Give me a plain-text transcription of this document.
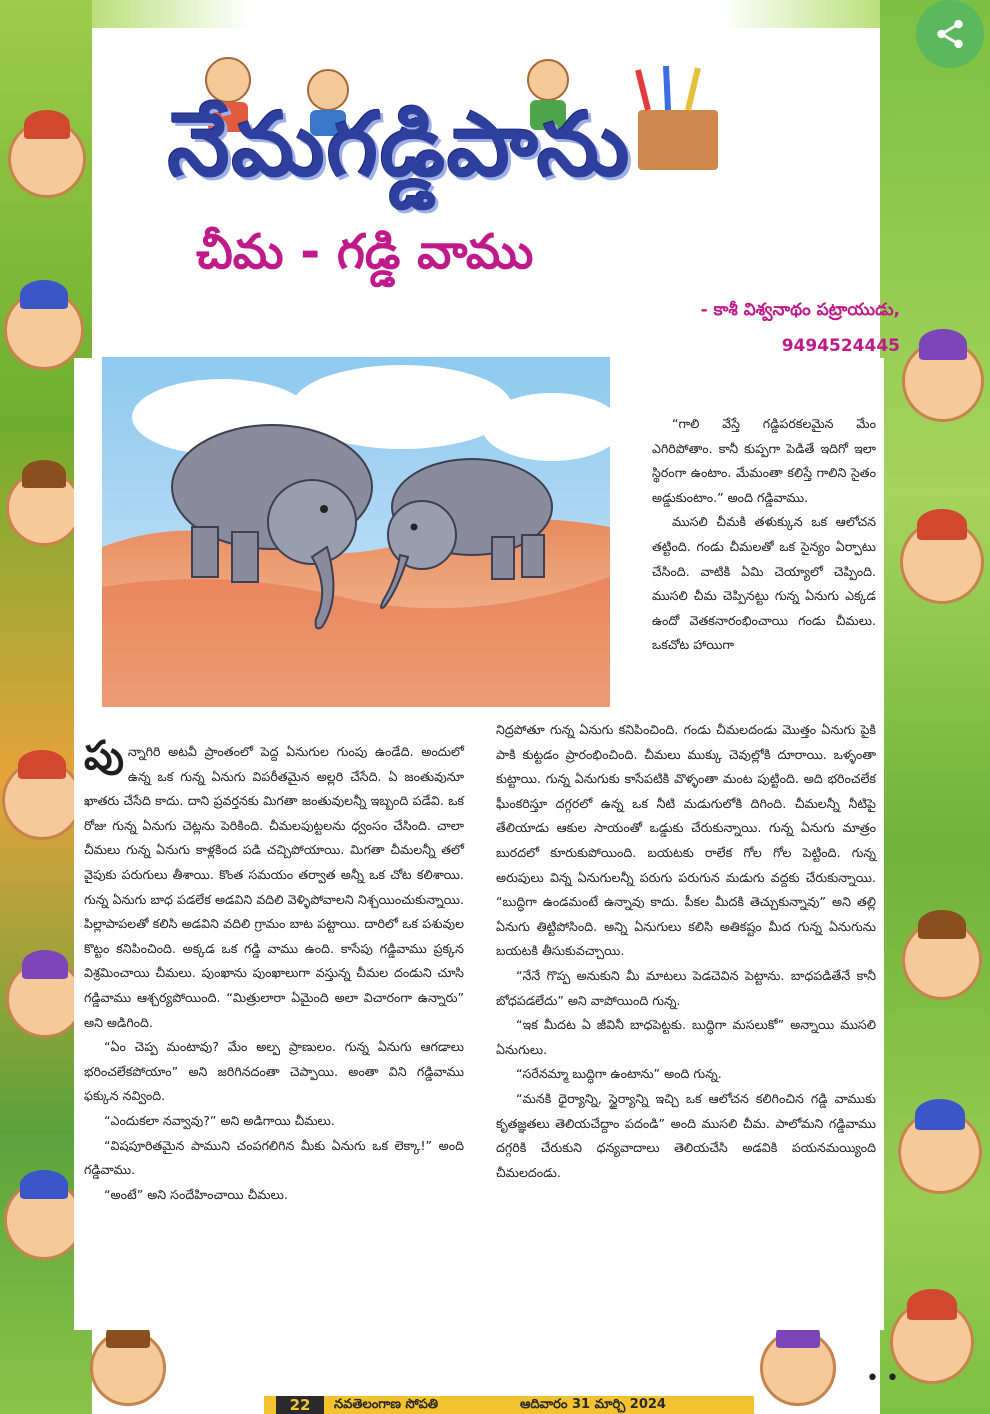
నేమగడ్డిపాను
చీమ - గడ్డి వాము
- కాశీ విశ్వనాథం పట్రాయుడు,
9494524445

“గాలి వేస్తే గడ్డిపరకలమైన మేం ఎగిరిపోతాం. కానీ కుప్పగా పెడితే ఇదిగో ఇలా స్థిరంగా ఉంటాం. మేమంతా కలిస్తే గాలిని సైతం అడ్డుకుంటాం.” అంది గడ్డివాము.

ముసలి చీమకి తళుక్కున ఒక ఆలోచన తట్టింది. గండు చీమలతో ఒక సైన్యం ఏర్పాటు చేసింది. వాటికి ఏమి చెయ్యాలో చెప్పింది. ముసలి చీమ చెప్పినట్టు గున్న ఏనుగు ఎక్కడ ఉందో వెతకనారంభించాయి గండు చీమలు. ఒకచోట హాయిగా

పున్నాగిరి అటవీ ప్రాంతంలో పెద్ద ఏనుగుల గుంపు ఉండేది. అందులో ఉన్న ఒక గున్న ఏనుగు విపరీతమైన అల్లరి చేసేది. ఏ జంతువునూ ఖాతరు చేసేది కాదు. దాని ప్రవర్తనకు మిగతా జంతువులన్నీ ఇబ్బంది పడేవి. ఒక రోజు గున్న ఏనుగు చెట్లను పెరికింది. చీమలపుట్టలను ధ్వంసం చేసింది. చాలా చీమలు గున్న ఏనుగు కాళ్లకింద పడి చచ్చిపోయాయి. మిగతా చీమలన్నీ తలో వైపుకు పరుగులు తీశాయి. కొంత సమయం తర్వాత అన్నీ ఒక చోట కలిశాయి. గున్న ఏనుగు బాధ పడలేక అడవిని వదిలి వెళ్ళిపోవాలని నిశ్చయించుకున్నాయి. పిల్లాపాపలతో కలిసి అడవిని వదిలి గ్రామం బాట పట్టాయి. దారిలో ఒక పశువుల కొట్టం కనిపించింది. అక్కడ ఒక గడ్డి వాము ఉంది. కాసేపు గడ్డివాము ప్రక్కన విశ్రమించాయి చీమలు. పుంఖాను పుంఖాలుగా వస్తున్న చీమల దండుని చూసి గడ్డివాము ఆశ్చర్యపోయింది. “మిత్రులారా ఏమైంది అలా విచారంగా ఉన్నారు” అని అడిగింది.

“ఏం చెప్ప మంటావు? మేం అల్ప ప్రాణులం. గున్న ఏనుగు ఆగడాలు భరించలేకపోయాం” అని జరిగినదంతా చెప్పాయి. అంతా విని గడ్డివాము ఫక్కున నవ్వింది.

“ఎందుకలా నవ్వావు?” అని అడిగాయి చీమలు.

“విషపూరితమైన పాముని చంపగలిగిన మీకు ఏనుగు ఒక లెక్కా!” అంది గడ్డివాము.

“అంటే” అని సందేహించాయి చీమలు.

నిద్రపోతూ గున్న ఏనుగు కనిపించింది. గండు చీమలదండు మొత్తం ఏనుగు పైకి పాకి కుట్టడం ప్రారంభించింది. చీమలు ముక్కు చెవుల్లోకి దూరాయి. ఒళ్ళంతా కుట్టాయి. గున్న ఏనుగుకు కాసేపటికి వొళ్ళంతా మంట పుట్టింది. అది భరించలేక ఘీంకరిస్తూ దగ్గరలో ఉన్న ఒక నీటి మడుగులోకి దిగింది. చీమలన్నీ నీటిపై తేలియాడు ఆకుల సాయంతో ఒడ్డుకు చేరుకున్నాయి. గున్న ఏనుగు మాత్రం బురదలో కూరుకుపోయింది. బయటకు రాలేక గోల గోల పెట్టింది. గున్న అరుపులు విన్న ఏనుగులన్నీ పరుగు పరుగున మడుగు వద్దకు చేరుకున్నాయి. “బుద్ధిగా ఉండమంటే ఉన్నావు కాదు. పీకల మీదకి తెచ్చుకున్నావు” అని తల్లి ఏనుగు తిట్టిపోసింది. అన్ని ఏనుగులు కలిసి అతికష్టం మీద గున్న ఏనుగును బయటకి తీసుకువచ్చాయి.

“నేనే గొప్ప అనుకుని మీ మాటలు పెడచెవిన పెట్టాను. బాధపడితేనే కానీ బోధపడలేదు” అని వాపోయింది గున్న.

“ఇక మీదట ఏ జీవినీ బాధపెట్టకు. బుద్ధిగా మసలుకో” అన్నాయి ముసలి ఏనుగులు.

“సరేనమ్మా బుద్ధిగా ఉంటాను” అంది గున్న.

“మనకి ధైర్యాన్ని, స్థైర్యాన్ని ఇచ్చి ఒక ఆలోచన కలిగించిన గడ్డి వాముకు కృతజ్ఞతలు తెలియచేద్దాం పదండి” అంది ముసలి చీమ. పాలోమని గడ్డివాము దగ్గరికి చేరుకుని ధన్యవాదాలు తెలియచేసి అడవికి పయనమయ్యింది చీమలదండు.

22	నవతెలంగాణ సోపతి	ఆదివారం 31 మార్చి 2024
• •
